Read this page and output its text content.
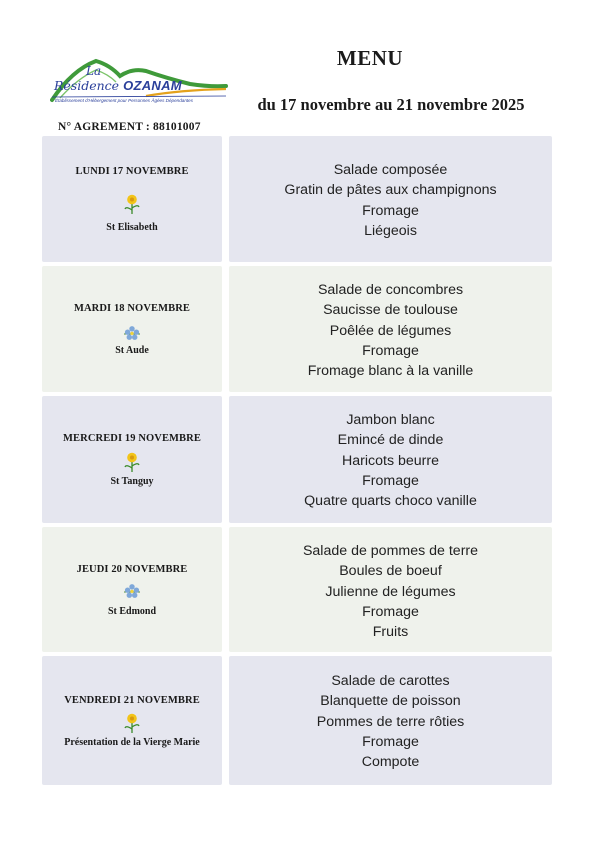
La
Résidence OZANAM
Établissement d'Hébergement pour Personnes Âgées Dépendantes
N° AGREMENT : 88101007
MENU
du 17 novembre au 21 novembre 2025
LUNDI 17 NOVEMBRE
St Elisabeth
Salade composée
Gratin de pâtes aux champignons
Fromage
Liégeois
MARDI 18 NOVEMBRE
St Aude
Salade de concombres
Saucisse de toulouse
Poêlée de légumes
Fromage
Fromage blanc à la vanille
MERCREDI 19 NOVEMBRE
St Tanguy
Jambon blanc
Emincé de dinde
Haricots beurre
Fromage
Quatre quarts choco vanille
JEUDI 20 NOVEMBRE
St Edmond
Salade de pommes de terre
Boules de boeuf
Julienne de légumes
Fromage
Fruits
VENDREDI 21 NOVEMBRE
Présentation de la Vierge Marie
Salade de carottes
Blanquette de poisson
Pommes de terre rôties
Fromage
Compote
